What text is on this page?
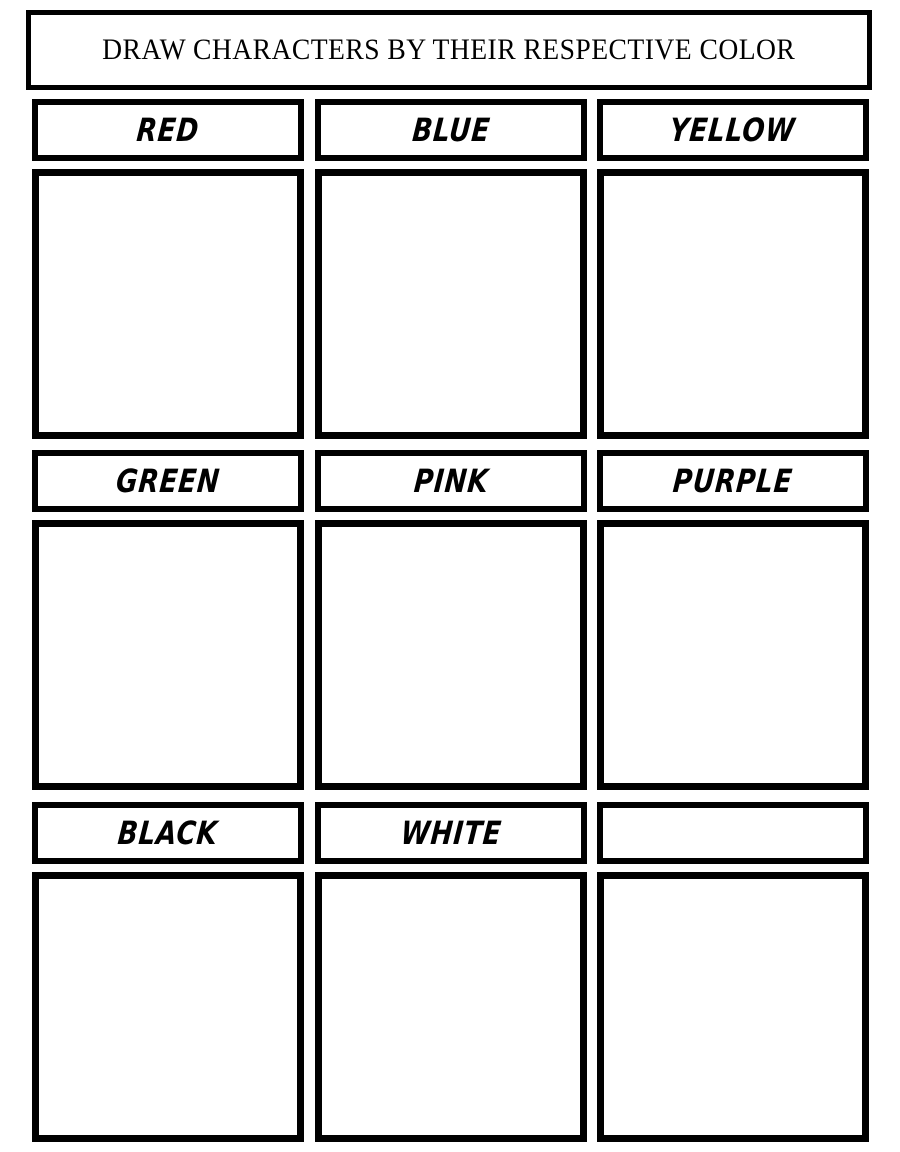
DRAW CHARACTERS BY THEIR RESPECTIVE COLOR
RED	BLUE	YELLOW
GREEN	PINK	PURPLE
BLACK	WHITE
